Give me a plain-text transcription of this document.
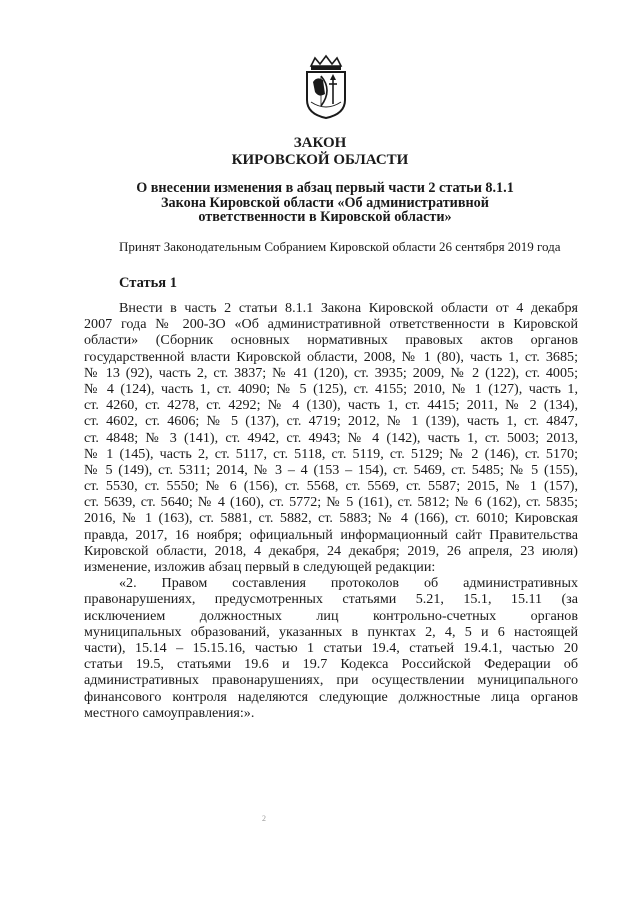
ЗАКОН
КИРОВСКОЙ ОБЛАСТИ
О внесении изменения в абзац первый части 2 статьи 8.1.1
Закона Кировской области «Об административной
ответственности в Кировской области»
Принят Законодательным Собранием Кировской области 26 сентября 2019 года
Статья 1
Внести в часть 2 статьи 8.1.1 Закона Кировской области от 4 декабря
2007 года № 200-ЗО «Об административной ответственности в Кировской
области» (Сборник основных нормативных правовых актов органов
государственной власти Кировской области, 2008, № 1 (80), часть 1, ст. 3685;
№ 13 (92), часть 2, ст. 3837; № 41 (120), ст. 3935; 2009, № 2 (122), ст. 4005;
№ 4 (124), часть 1, ст. 4090; № 5 (125), ст. 4155; 2010, № 1 (127), часть 1,
ст. 4260, ст. 4278, ст. 4292; № 4 (130), часть 1, ст. 4415; 2011, № 2 (134),
ст. 4602, ст. 4606; № 5 (137), ст. 4719; 2012, № 1 (139), часть 1, ст. 4847,
ст. 4848; № 3 (141), ст. 4942, ст. 4943; № 4 (142), часть 1, ст. 5003; 2013,
№ 1 (145), часть 2, ст. 5117, ст. 5118, ст. 5119, ст. 5129; № 2 (146), ст. 5170;
№ 5 (149), ст. 5311; 2014, № 3 – 4 (153 – 154), ст. 5469, ст. 5485; № 5 (155),
ст. 5530, ст. 5550; № 6 (156), ст. 5568, ст. 5569, ст. 5587; 2015, № 1 (157),
ст. 5639, ст. 5640; № 4 (160), ст. 5772; № 5 (161), ст. 5812; № 6 (162), ст. 5835;
2016, № 1 (163), ст. 5881, ст. 5882, ст. 5883; № 4 (166), ст. 6010; Кировская
правда, 2017, 16 ноября; официальный информационный сайт Правительства
Кировской области, 2018, 4 декабря, 24 декабря; 2019, 26 апреля, 23 июля)
изменение, изложив абзац первый в следующей редакции:
«2. Правом составления протоколов об административных
правонарушениях, предусмотренных статьями 5.21, 15.1, 15.11 (за
исключением должностных лиц контрольно-счетных органов
муниципальных образований, указанных в пунктах 2, 4, 5 и 6 настоящей
части), 15.14 – 15.15.16, частью 1 статьи 19.4, статьей 19.4.1, частью 20
статьи 19.5, статьями 19.6 и 19.7 Кодекса Российской Федерации об
административных правонарушениях, при осуществлении муниципального
финансового контроля наделяются следующие должностные лица органов
местного самоуправления:».
2
